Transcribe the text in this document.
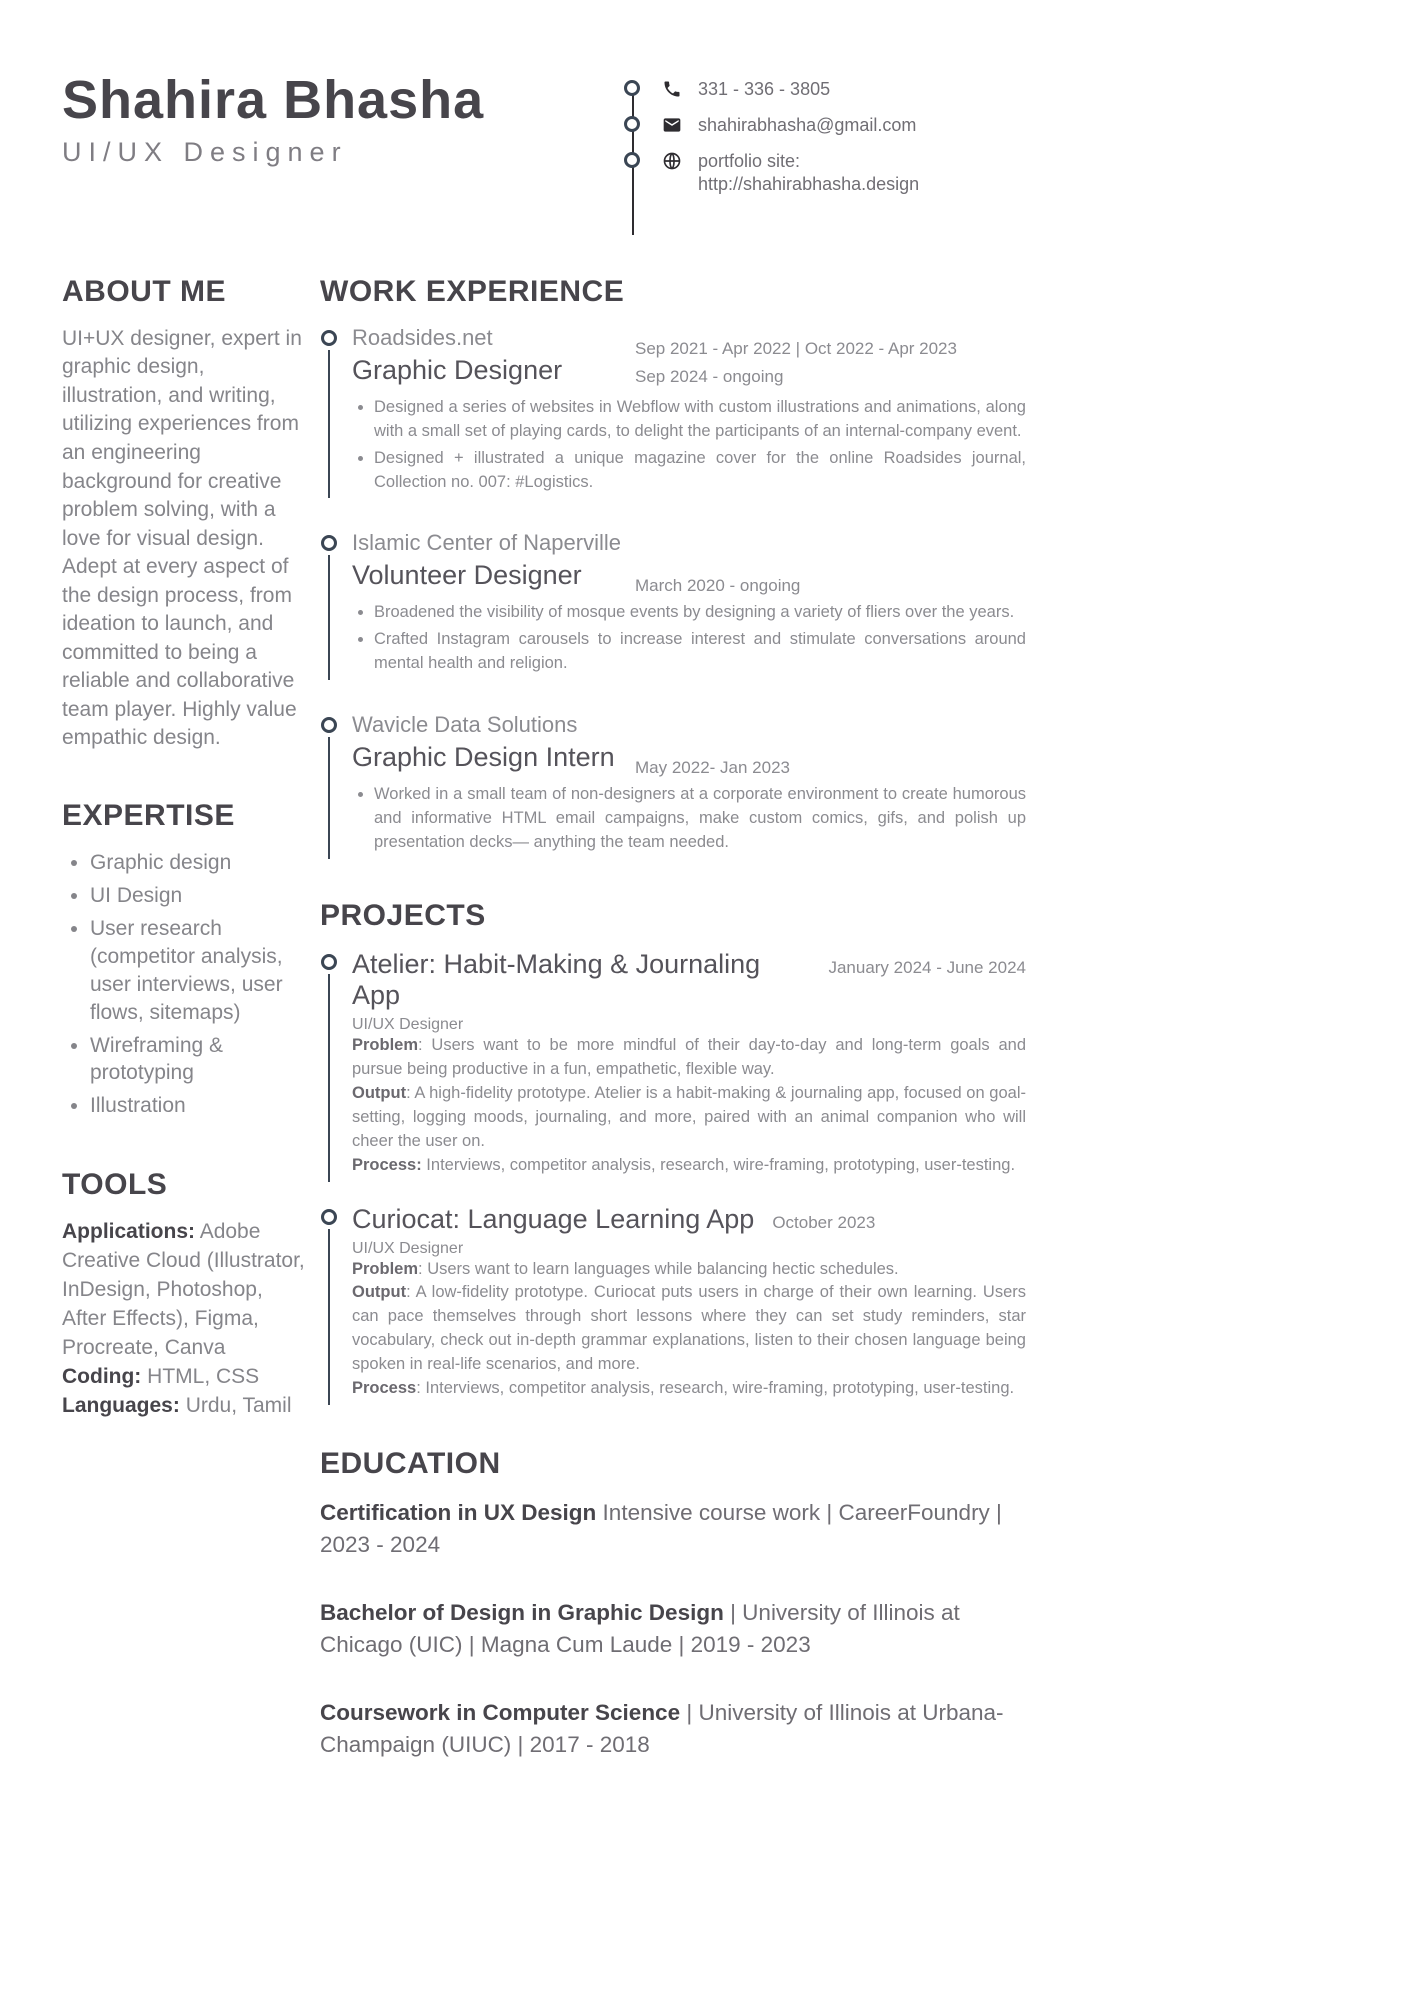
Shahira Bhasha
UI/UX Designer
331 - 336 - 3805
shahirabhasha@gmail.com
portfolio site:
http://shahirabhasha.design
ABOUT ME

UI+UX designer, expert in graphic design, illustration, and writing, utilizing experiences from an engineering background for creative problem solving, with a love for visual design. Adept at every aspect of the design process, from ideation to launch, and committed to being a reliable and collaborative team player. Highly value empathic design.

EXPERTISE
• Graphic design
• UI Design
• User research (competitor analysis, user interviews, user flows, sitemaps)
• Wireframing & prototyping
• Illustration
TOOLS

Applications: Adobe Creative Cloud (Illustrator, InDesign, Photoshop, After Effects), Figma, Procreate, Canva

Coding: HTML, CSS

Languages: Urdu, Tamil

WORK EXPERIENCE
Roadsides.net
Graphic Designer
Sep 2021 - Apr 2022 | Oct 2022 - Apr 2023
Sep 2024 - ongoing
• Designed a series of websites in Webflow with custom illustrations and animations, along with a small set of playing cards, to delight the participants of an internal-company event.
• Designed + illustrated a unique magazine cover for the online Roadsides journal, Collection no. 007: #Logistics.
Islamic Center of Naperville
Volunteer Designer	March 2020 - ongoing
• Broadened the visibility of mosque events by designing a variety of fliers over the years.
• Crafted Instagram carousels to increase interest and stimulate conversations around mental health and religion.
Wavicle Data Solutions
Graphic Design Intern	May 2022- Jan 2023
• Worked in a small team of non-designers at a corporate environment to create humorous and informative HTML email campaigns, make custom comics, gifs, and polish up presentation decks— anything the team needed.
PROJECTS
Atelier: Habit-Making & Journaling App
January 2024 - June 2024
UI/UX Designer

Problem: Users want to be more mindful of their day-to-day and long-term goals and pursue being productive in a fun, empathetic, flexible way.

Output: A high-fidelity prototype. Atelier is a habit-making & journaling app, focused on goal-setting, logging moods, journaling, and more, paired with an animal companion who will cheer the user on.

Process: Interviews, competitor analysis, research, wire-framing, prototyping, user-testing.

Curiocat: Language Learning App October 2023
UI/UX Designer

Problem: Users want to learn languages while balancing hectic schedules.

Output: A low-fidelity prototype. Curiocat puts users in charge of their own learning. Users can pace themselves through short lessons where they can set study reminders, star vocabulary, check out in-depth grammar explanations, listen to their chosen language being spoken in real-life scenarios, and more.

Process: Interviews, competitor analysis, research, wire-framing, prototyping, user-testing.

EDUCATION

Certification in UX Design Intensive course work | CareerFoundry | 2023 - 2024

Bachelor of Design in Graphic Design | University of Illinois at Chicago (UIC) | Magna Cum Laude | 2019 - 2023

Coursework in Computer Science | University of Illinois at Urbana-Champaign (UIUC) | 2017 - 2018
